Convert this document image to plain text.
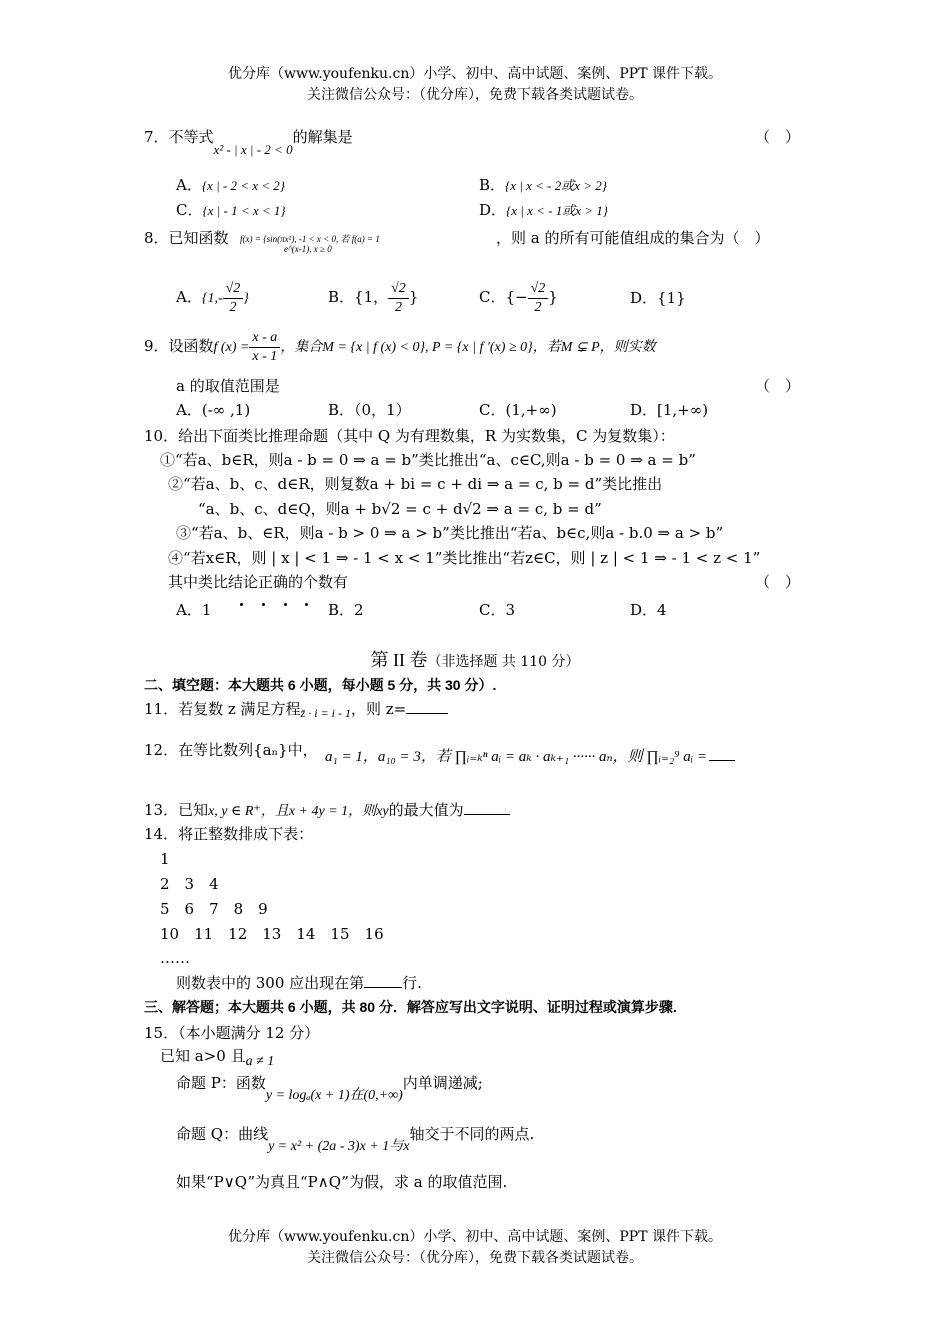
优分库（www.youfenku.cn）小学、初中、高中试题、案例、PPT 课件下载。
关注微信公众号：（优分库），免费下载各类试题试卷。
7．不等式x² - | x | - 2 < 0的解集是	（　）
A．{x | - 2 < x < 2}	B．{x | x < - 2或x > 2}
C．{x | - 1 < x < 1}	D．{x | x < - 1或x > 1}
8．已知函数 f(x) = {sin(πx²), -1 < x < 0, 若 f(a) = 1
e^(x-1), x ≥ 0
，则 a 的所有可能值组成的集合为（　）
A．{$1,- \frac{√2}{2}$ }	B．{1， $\frac{√2}{2}$ }	C．{− $\frac{√2}{2}$ }	D．{1}
9．设函数f $(x) = \frac{x - a}{x - 1}$ ，集合M = {x | f (x) < 0}, P = {x | f ′(x) ≥ 0}，若M ⊊ P，则实数
a 的取值范围是	（　）
A．(-∞ ,1)	B．（0，1）	C．(1,+∞)	D．[1,+∞)
10．给出下面类比推理命题（其中 Q 为有理数集，R 为实数集，C 为复数集）：
①“若a、b∈R，则a - b = 0 ⇒ a = b”类比推出“a、c∈C,则a - b = 0 ⇒ a = b”
②“若a、b、c、d∈R，则复数a + bi = c + di ⇒ a = c, b = d”类比推出
“a、b、c、d∈Q，则a + b√2 = c + d√2 ⇒ a = c, b = d”
③“若a、b、∈R，则a - b > 0 ⇒ a > b”类比推出“若a、b∈c,则a - b.0 ⇒ a > b”
④“若x∈R，则 | x | < 1 ⇒ - 1 < x < 1”类比推出“若z∈C，则 | z | < 1 ⇒ - 1 < z < 1”
其中类比结论正确的个数有
	（　）
A．1	B．2	C．3	D．4
第 II 卷（非选择题 共 110 分）
二、填空题：本大题共 6 小题，每小题 5 分，共 30 分）.
11．若复数 z 满足方程$_{z̄ \cdot i = i - 1}$，则 z=
12．在等比数列{aₙ}中， a₁ = 1，a₁₀ = 3，若 ∏ᵢ₌ₖⁿ aᵢ = aₖ · aₖ₊₁ ······ aₙ，则 ∏ᵢ₌₂⁹ aᵢ =
13．已知x, y ∈ R⁺，且x + 4y = 1，则xy的最大值为
14．将正整数排成下表：
1
2　3　4
5　6　7　8　9
10　11　12　13　14　15　16
……
则数表中的 300 应出现在第	行.
三、解答题；本大题共 6 小题，共 80 分．解答应写出文字说明、证明过程或演算步骤.
15．（本小题满分 12 分）
已知 a>0 且a ≠ 1
命题 P：函数y = logₐ(x + 1)在(0,+∞)内单调递减;
命题 Q：曲线y = x² + (2a - 3)x + 1与x轴交于不同的两点.
如果“P∨Q”为真且“P∧Q”为假，求 a 的取值范围.
优分库（www.youfenku.cn）小学、初中、高中试题、案例、PPT 课件下载。
关注微信公众号：（优分库），免费下载各类试题试卷。
